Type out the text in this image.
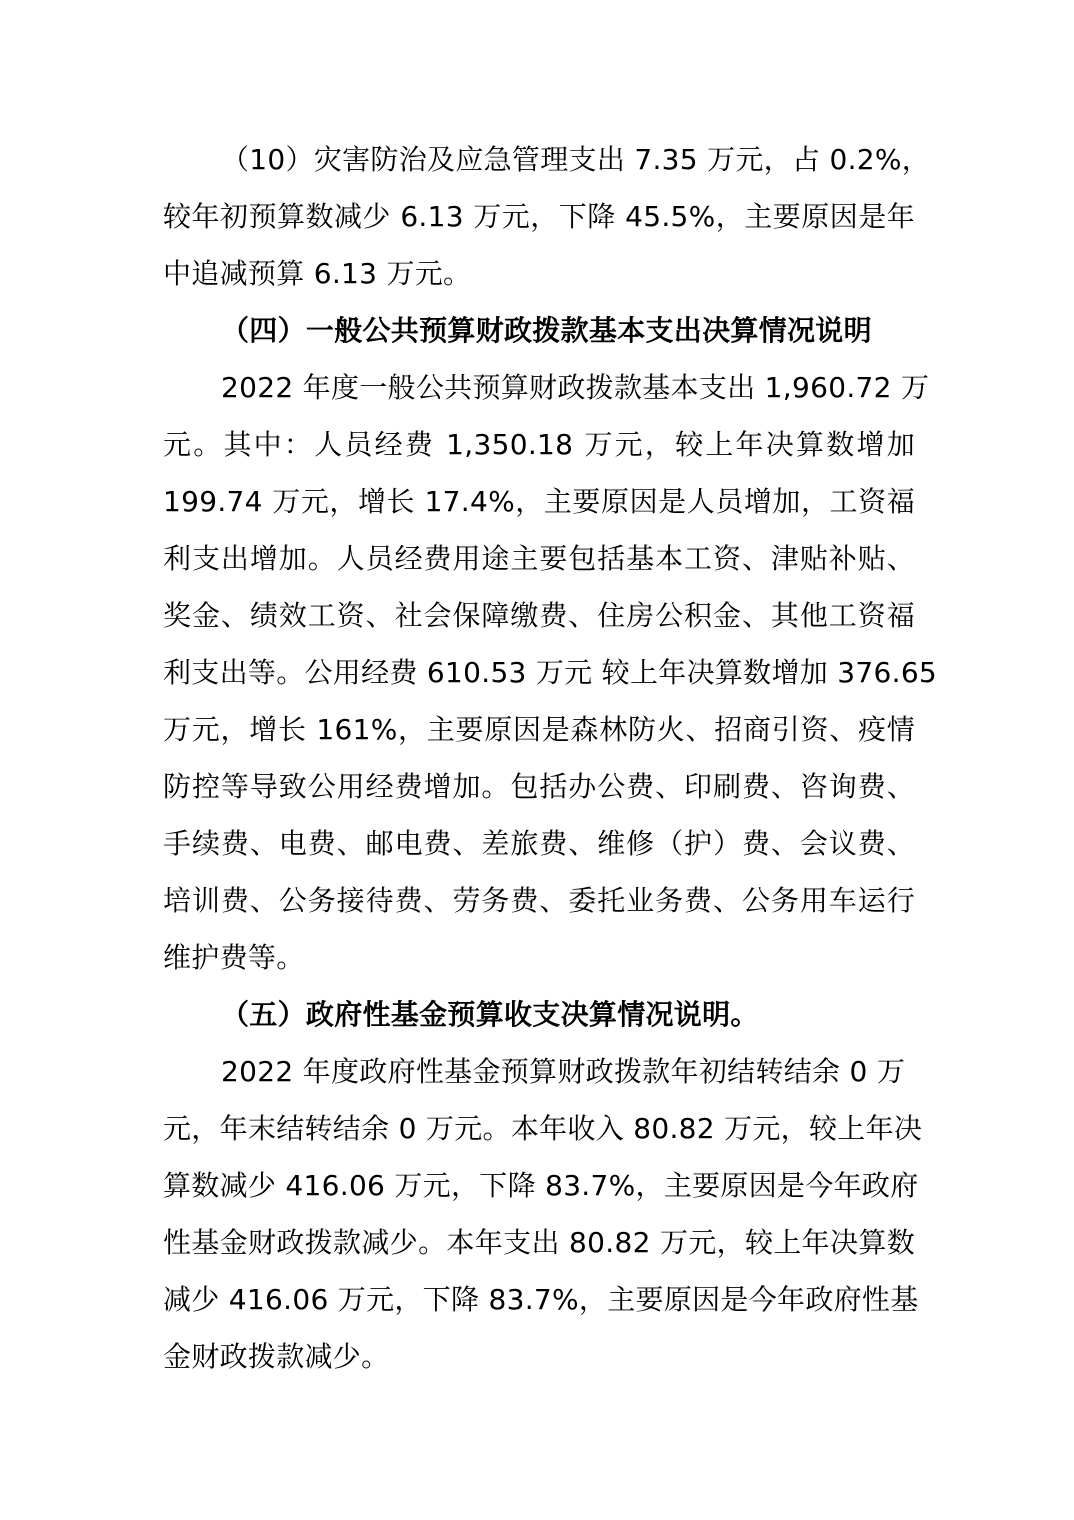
（10）灾害防治及应急管理支出 7.35 万元，占 0.2%，
较年初预算数减少 6.13 万元，下降 45.5%，主要原因是年
中追减预算 6.13 万元。
（四）一般公共预算财政拨款基本支出决算情况说明
2022 年度一般公共预算财政拨款基本支出 1,960.72 万
元。其中：人员经费 1,350.18 万元，较上年决算数增加
199.74 万元，增长 17.4%，主要原因是人员增加，工资福
利支出增加。人员经费用途主要包括基本工资、津贴补贴、
奖金、绩效工资、社会保障缴费、住房公积金、其他工资福
利支出等。公用经费 610.53 万元 较上年决算数增加 376.65
万元，增长 161%，主要原因是森林防火、招商引资、疫情
防控等导致公用经费增加。包括办公费、印刷费、咨询费、
手续费、电费、邮电费、差旅费、维修（护）费、会议费、
培训费、公务接待费、劳务费、委托业务费、公务用车运行
维护费等。
（五）政府性基金预算收支决算情况说明。
2022 年度政府性基金预算财政拨款年初结转结余 0 万
元，年末结转结余 0 万元。本年收入 80.82 万元，较上年决
算数减少 416.06 万元，下降 83.7%，主要原因是今年政府
性基金财政拨款减少。本年支出 80.82 万元，较上年决算数
减少 416.06 万元，下降 83.7%，主要原因是今年政府性基
金财政拨款减少。
